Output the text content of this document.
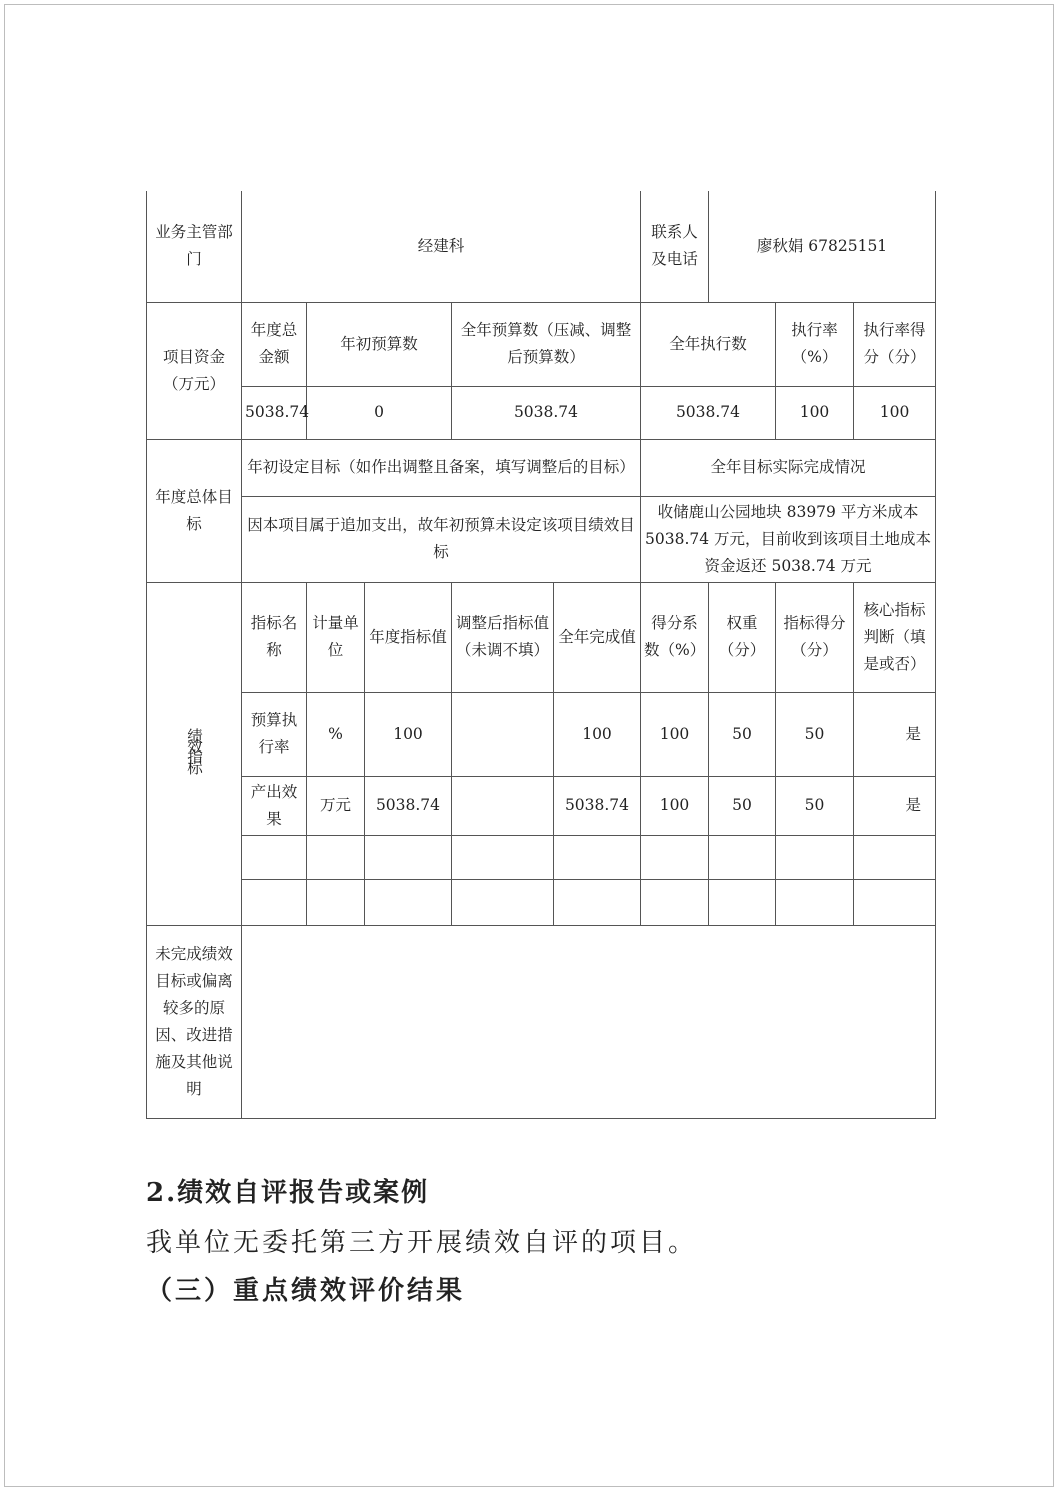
业务主管部门	经建科					联系人及电话	廖秋娟 67825151		
项目资金（万元）	年度总金额	年初预算数		全年预算数（压减、调整后预算数）		全年执行数		执行率（%）	执行率得分（分）
	5038.74	0		5038.74		5038.74		100	100
年度总体目标	年初设定目标（如作出调整且备案，填写调整后的目标）					全年目标实际完成情况			
	因本项目属于追加支出，故年初预算未设定该项目绩效目标					收储鹿山公园地块 83979 平方米成本 5038.74 万元，目前收到该项目土地成本资金返还 5038.74 万元			
绩效指标	指标名称	计量单位	年度指标值	调整后指标值（未调不填）	全年完成值	得分系数（%）	权重（分）	指标得分（分）	核心指标判断（填是或否）
	预算执行率	%	100		100	100	50	50	是
	产出效果	万元	5038.74		5038.74	100	50	50	是

未完成绩效目标或偏离较多的原因、改进措施及其他说明									
2.绩效自评报告或案例

我单位无委托第三方开展绩效自评的项目。

（三）重点绩效评价结果
